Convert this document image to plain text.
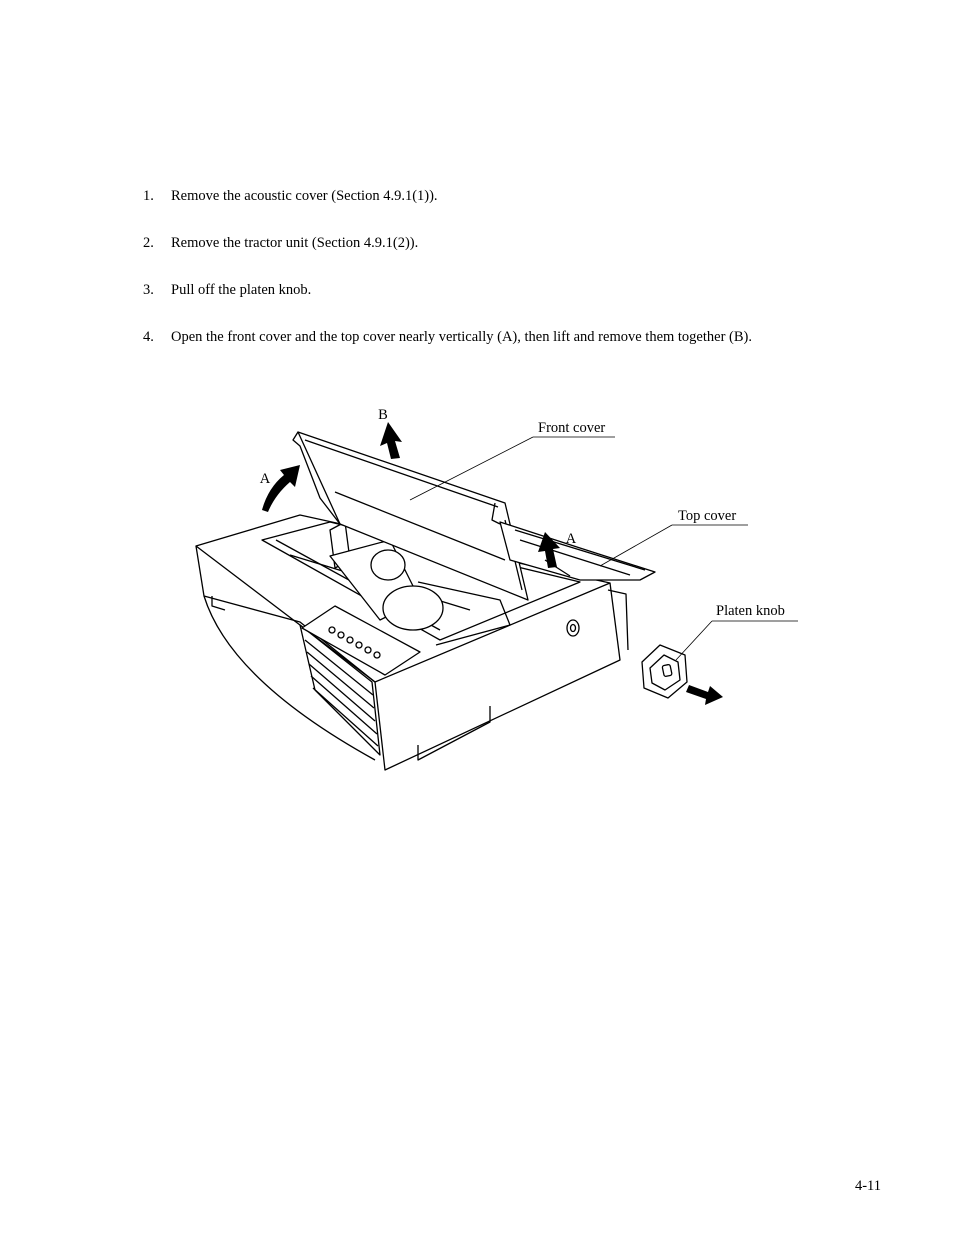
1.	Remove the acoustic cover (Section 4.9.1(1)).
2.	Remove the tractor unit (Section 4.9.1(2)).
3.	Pull off the platen knob.
4.	Open the front cover and the top cover nearly vertically (A), then lift and remove them together (B).
B
A
A
Front cover
Top cover
Platen knob
4-11
